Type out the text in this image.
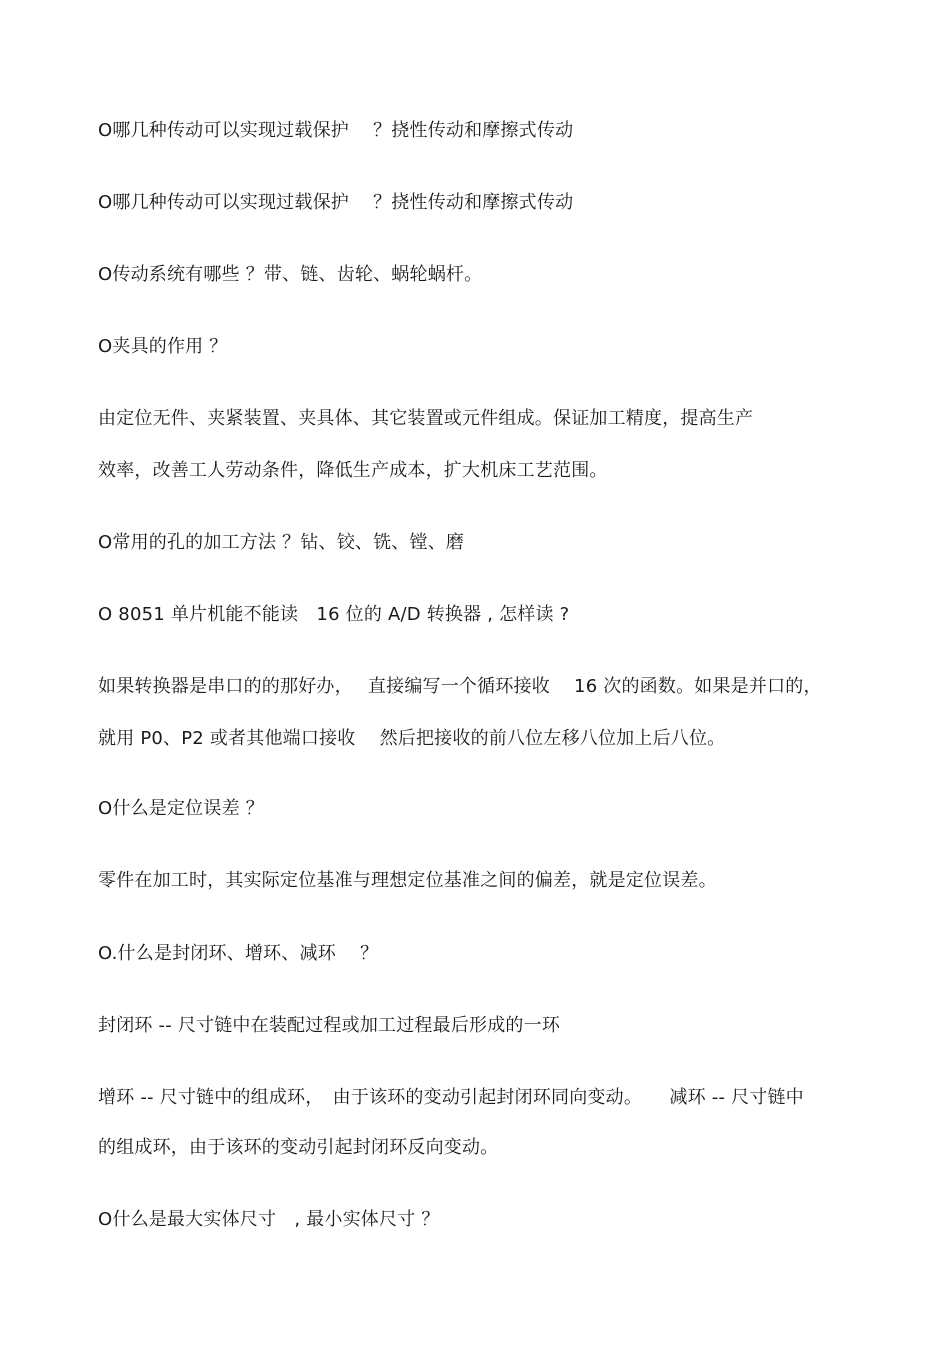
O哪几种传动可以实现过载保护　 ？挠性传动和摩擦式传动
O哪几种传动可以实现过载保护　 ？挠性传动和摩擦式传动
O传动系统有哪些 ？带、链、齿轮、蜗轮蜗杆。
O夹具的作用 ？
由定位无件、夹紧装置、夹具体、其它装置或元件组成。保证加工精度，提高生产
效率，改善工人劳动条件，降低生产成本，扩大机床工艺范围。
O常用的孔的加工方法 ？钻、铰、铣、镗、磨
O 8051 单片机能不能读　16 位的 A/D 转换器 , 怎样读 ?
如果转换器是串口的的那好办，　 直接编写一个循环接收　 16 次的函数。如果是并口的，
就用 P0、P2 或者其他端口接收　 然后把接收的前八位左移八位加上后八位。
O什么是定位误差 ？
零件在加工时，其实际定位基准与理想定位基准之间的偏差，就是定位误差。
O.什么是封闭环、增环、减环　 ？
封闭环 -- 尺寸链中在装配过程或加工过程最后形成的一环
增环 -- 尺寸链中的组成环，　由于该环的变动引起封闭环同向变动。　　减环 -- 尺寸链中
的组成环，由于该环的变动引起封闭环反向变动。
O什么是最大实体尺寸　, 最小实体尺寸 ？
